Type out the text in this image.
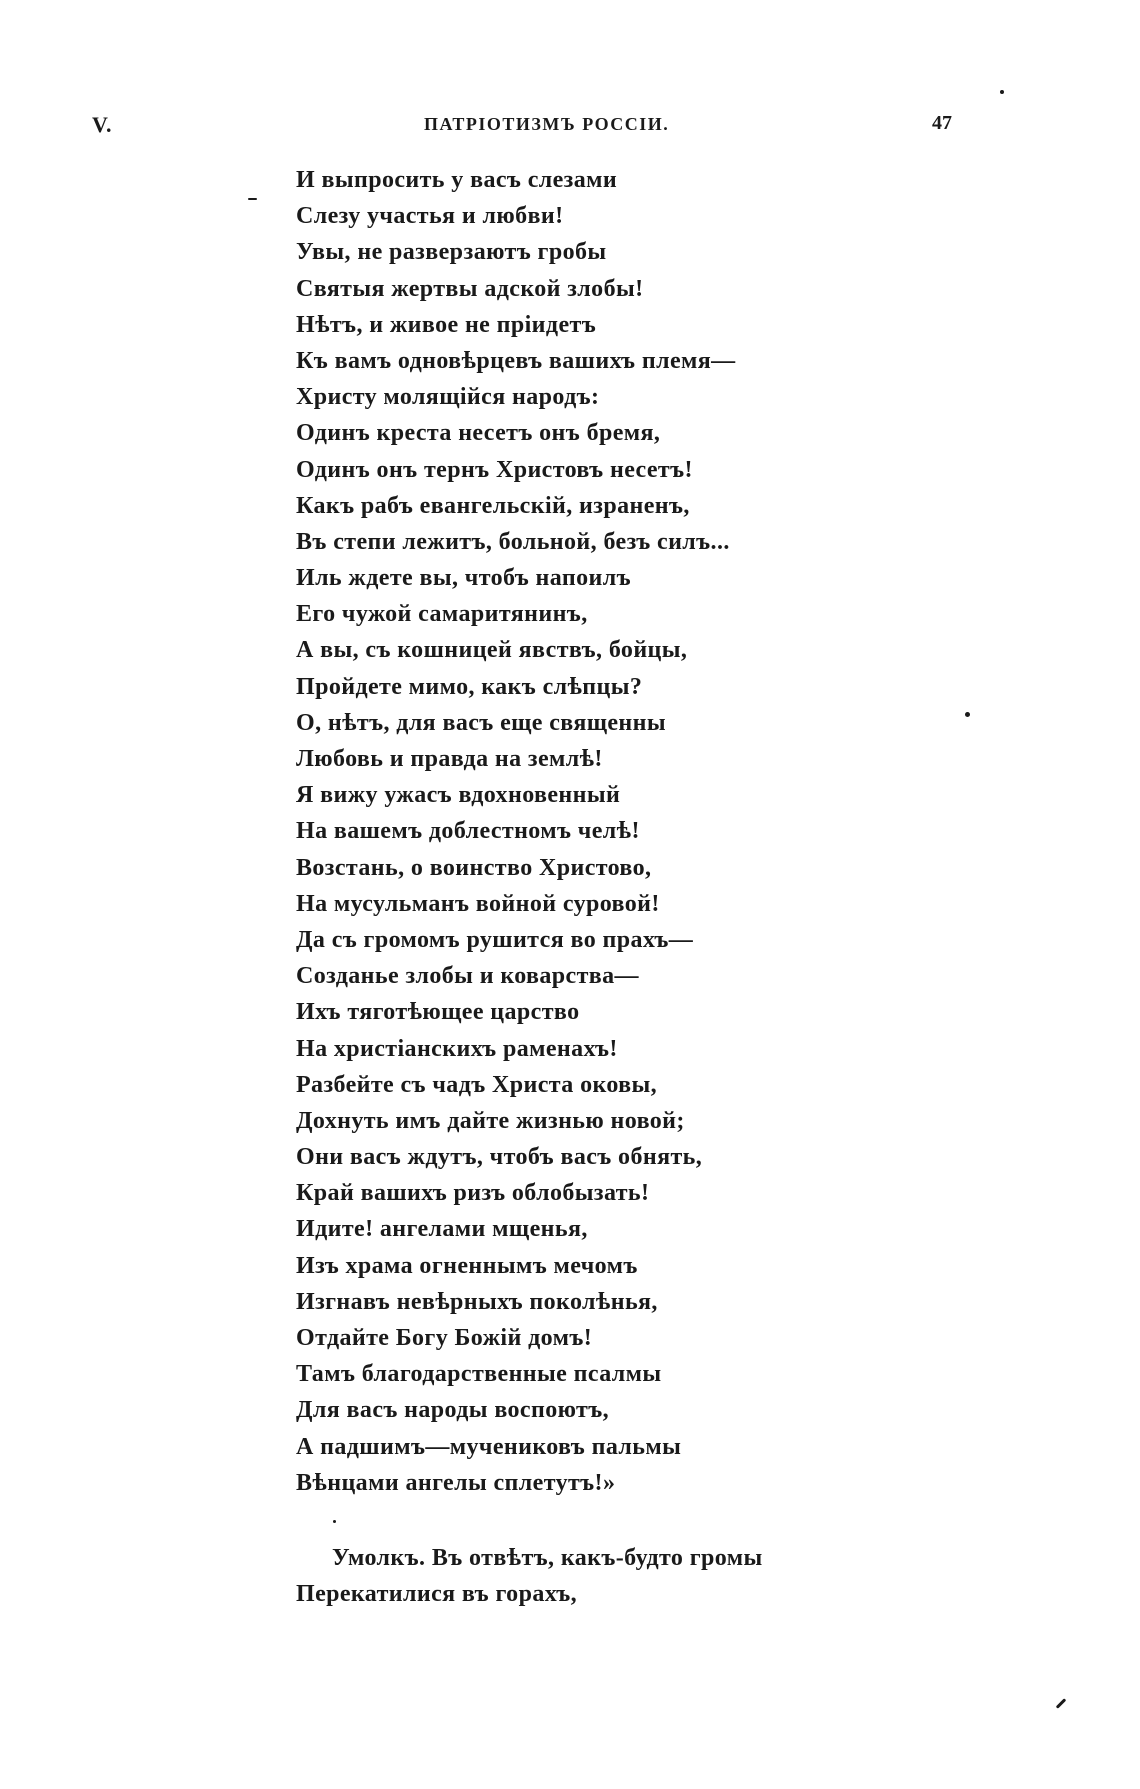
V.	ПАТРІОТИЗМЪ РОССІИ.	47
И выпросить у васъ слезами
Слезу участья и любви!
Увы, не разверзаютъ гробы
Святыя жертвы адской злобы!
Нѣтъ, и живое не пріидетъ
Къ вамъ одновѣрцевъ вашихъ племя—
Христу молящійся народъ:
Одинъ креста несетъ онъ бремя,
Одинъ онъ тернъ Христовъ несетъ!
Какъ рабъ евангельскій, израненъ,
Въ степи лежитъ, больной, безъ силъ...
Иль ждете вы, чтобъ напоилъ
Его чужой самаритянинъ,
А вы, съ кошницей явствъ, бойцы,
Пройдете мимо, какъ слѣпцы?
О, нѣтъ, для васъ еще священны
Любовь и правда на землѣ!
Я вижу ужасъ вдохновенный
На вашемъ доблестномъ челѣ!
Возстань, о воинство Христово,
На мусульманъ войной суровой!
Да съ громомъ рушится во прахъ—
Созданье злобы и коварства—
Ихъ тяготѣющее царство
На христіанскихъ раменахъ!
Разбейте съ чадъ Христа оковы,
Дохнуть имъ дайте жизнью новой;
Они васъ ждутъ, чтобъ васъ обнять,
Край вашихъ ризъ облобызать!
Идите! ангелами мщенья,
Изъ храма огненнымъ мечомъ
Изгнавъ невѣрныхъ поколѣнья,
Отдайте Богу Божій домъ!
Тамъ благодарственные псалмы
Для васъ народы воспоютъ,
А падшимъ—мучениковъ пальмы
Вѣнцами ангелы сплетутъ!»
Умолкъ. Въ отвѣтъ, какъ-будто громы
Перекатилися въ горахъ,
